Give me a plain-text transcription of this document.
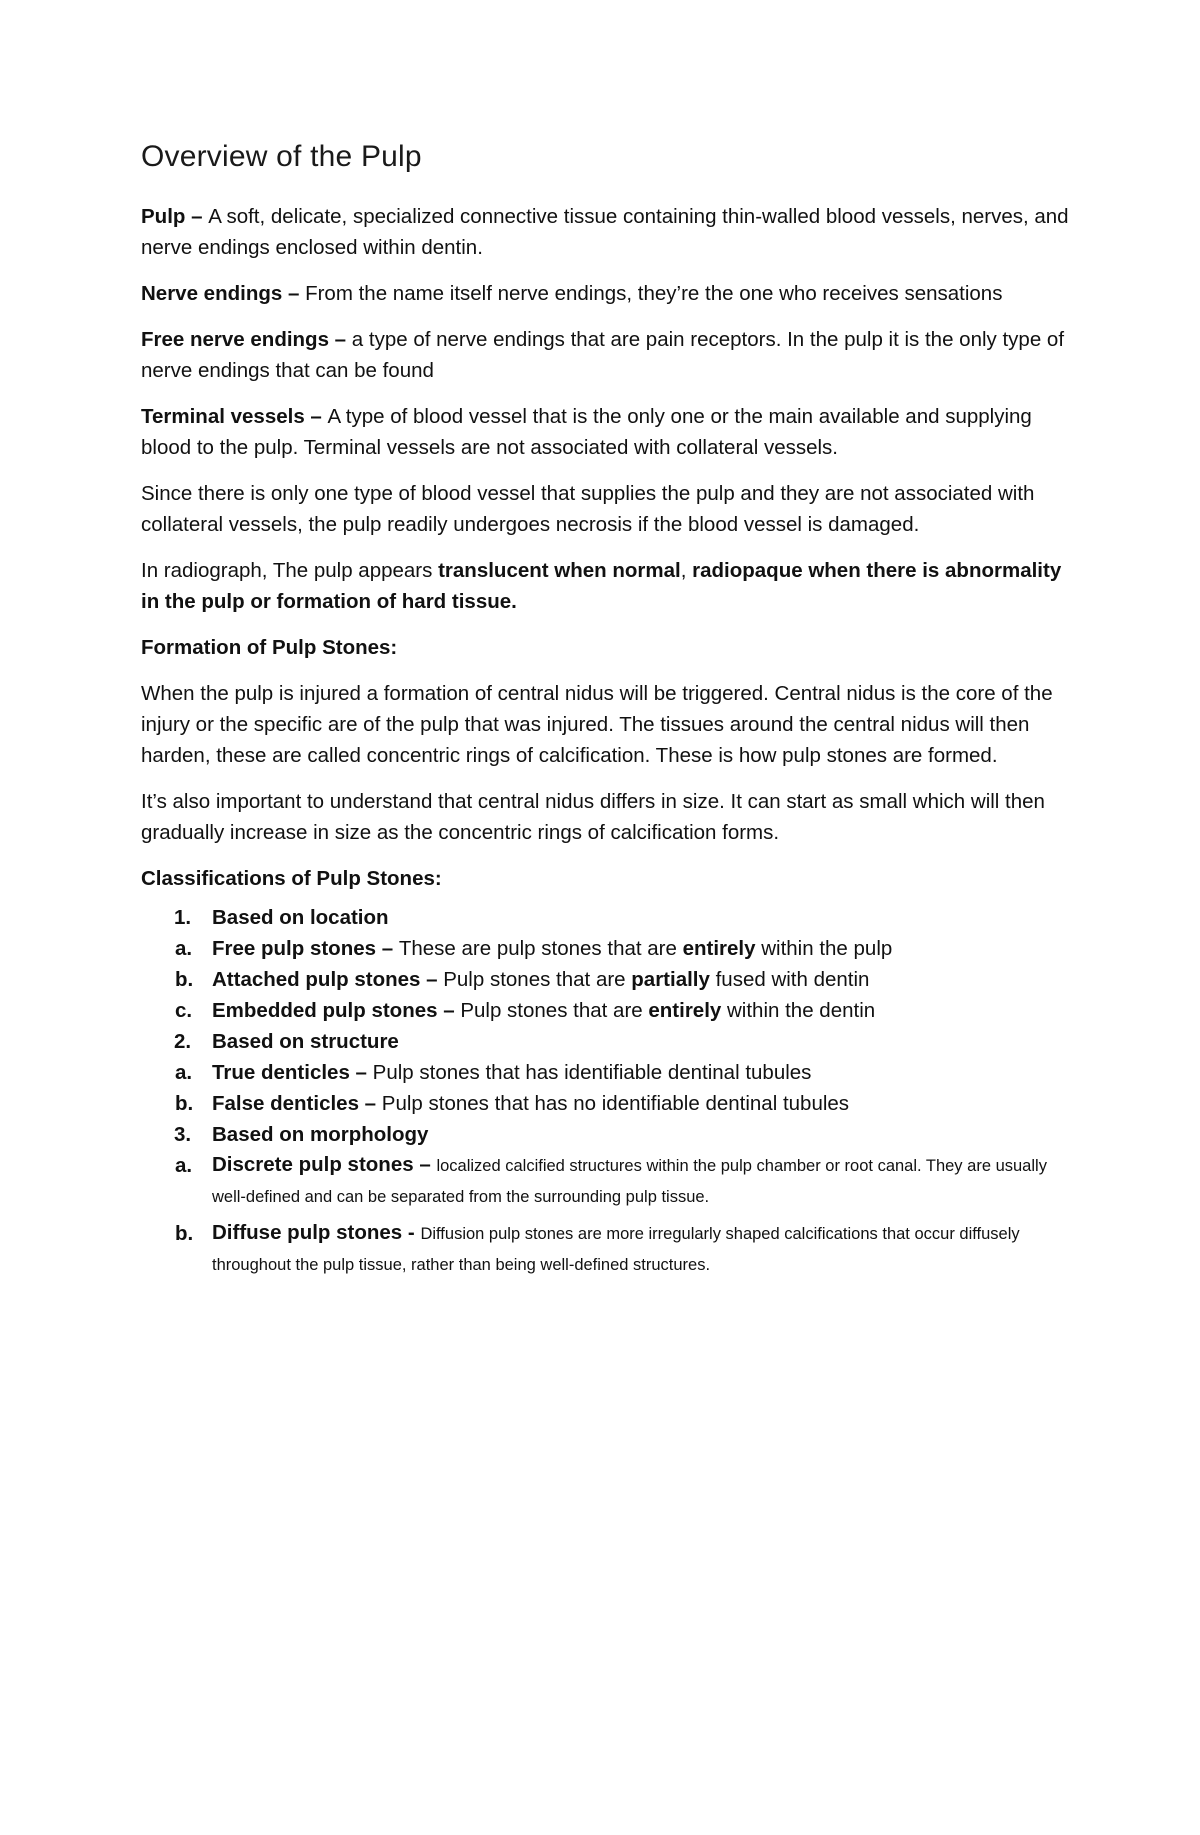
Overview of the Pulp

Pulp – A soft, delicate, specialized connective tissue containing thin-walled blood vessels, nerves, and nerve endings enclosed within dentin.

Nerve endings – From the name itself nerve endings, they’re the one who receives sensations

Free nerve endings – a type of nerve endings that are pain receptors. In the pulp it is the only type of nerve endings that can be found

Terminal vessels – A type of blood vessel that is the only one or the main available and supplying blood to the pulp. Terminal vessels are not associated with collateral vessels.

Since there is only one type of blood vessel that supplies the pulp and they are not associated with collateral vessels, the pulp readily undergoes necrosis if the blood vessel is damaged.

In radiograph, The pulp appears translucent when normal, radiopaque when there is abnormality in the pulp or formation of hard tissue.

Formation of Pulp Stones:

When the pulp is injured a formation of central nidus will be triggered. Central nidus is the core of the injury or the specific are of the pulp that was injured. The tissues around the central nidus will then harden, these are called concentric rings of calcification. These is how pulp stones are formed.

It’s also important to understand that central nidus differs in size. It can start as small which will then gradually increase in size as the concentric rings of calcification forms.

Classifications of Pulp Stones:
1. Based on location
a. Free pulp stones – These are pulp stones that are entirely within the pulp
b. Attached pulp stones – Pulp stones that are partially fused with dentin
c. Embedded pulp stones – Pulp stones that are entirely within the dentin
2. Based on structure
a. True denticles – Pulp stones that has identifiable dentinal tubules
b. False denticles – Pulp stones that has no identifiable dentinal tubules
3. Based on morphology
a. Discrete pulp stones – localized calcified structures within the pulp chamber or root canal. They are usually well-defined and can be separated from the surrounding pulp tissue.
b. Diffuse pulp stones - Diffusion pulp stones are more irregularly shaped calcifications that occur diffusely throughout the pulp tissue, rather than being well-defined structures.
